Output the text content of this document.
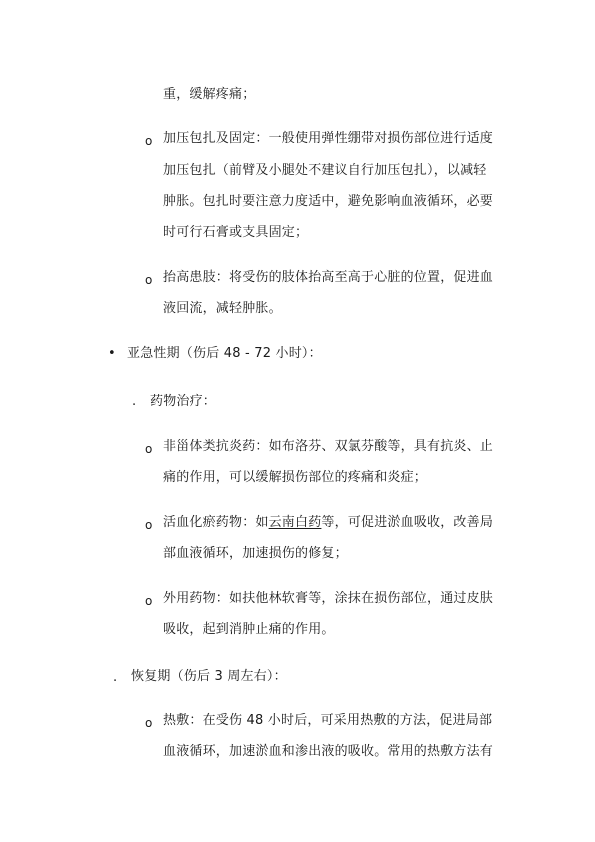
重，缓解疼痛；
o 加压包扎及固定：一般使用弹性绷带对损伤部位进行适度
加压包扎（前臂及小腿处不建议自行加压包扎），以减轻
肿胀。包扎时要注意力度适中，避免影响血液循环，必要
时可行石膏或支具固定；
o 抬高患肢：将受伤的肢体抬高至高于心脏的位置，促进血
液回流，减轻肿胀。
• 亚急性期（伤后 48 - 72 小时）：
. 药物治疗：
o 非甾体类抗炎药：如布洛芬、双氯芬酸等，具有抗炎、止
痛的作用，可以缓解损伤部位的疼痛和炎症；
o 活血化瘀药物：如云南白药等，可促进淤血吸收，改善局
部血液循环，加速损伤的修复；
o 外用药物：如扶他林软膏等，涂抹在损伤部位，通过皮肤
吸收，起到消肿止痛的作用。
. 恢复期（伤后 3 周左右）：
o 热敷：在受伤 48 小时后，可采用热敷的方法，促进局部
血液循环，加速淤血和渗出液的吸收。常用的热敷方法有
